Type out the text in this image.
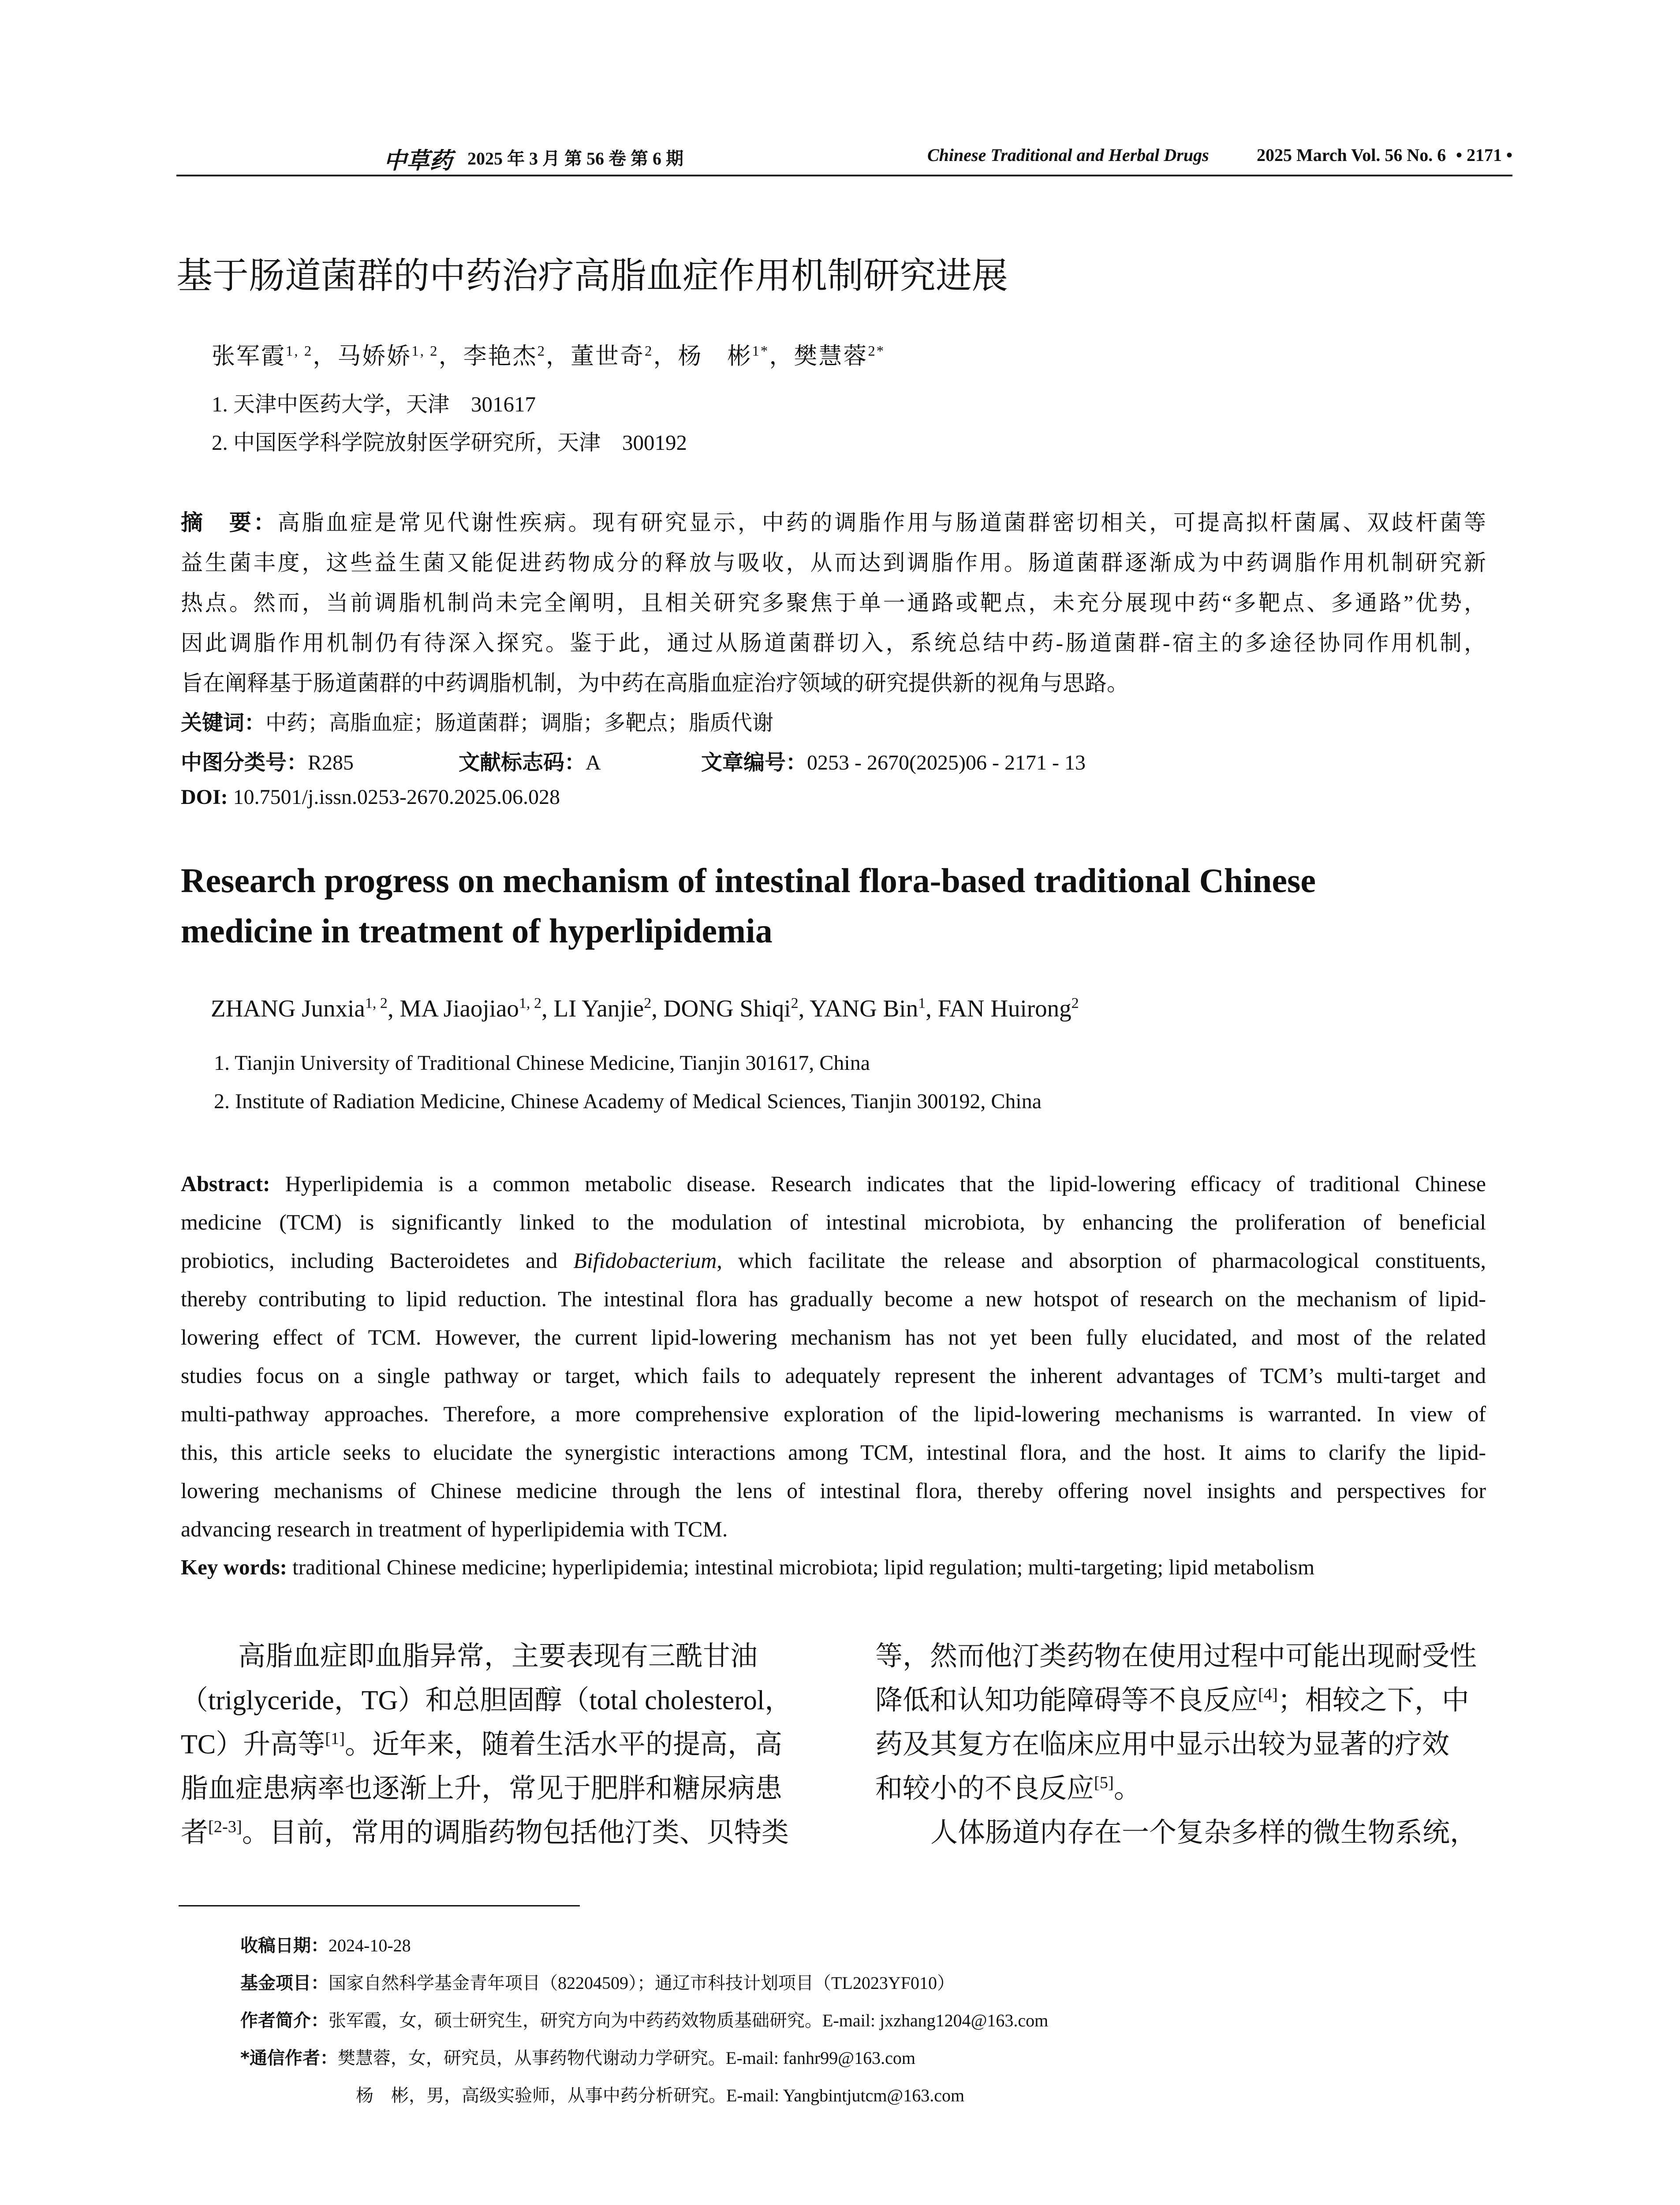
中草药 2025 年 3 月 第 56 卷 第 6 期	Chinese Traditional and Herbal Drugs	2025 March Vol. 56 No. 6 • 2171 •
基于肠道菌群的中药治疗高脂血症作用机制研究进展
张军霞$^{1, 2}$，马娇娇$^{1, 2}$，李艳杰$^2$，董世奇$^2$，杨　彬$^{1*}$，樊慧蓉$^{2*}$
1. 天津中医药大学，天津　301617
2. 中国医学科学院放射医学研究所，天津　300192
摘　要：高脂血症是常见代谢性疾病。现有研究显示，中药的调脂作用与肠道菌群密切相关，可提高拟杆菌属、双歧杆菌等
益生菌丰度，这些益生菌又能促进药物成分的释放与吸收，从而达到调脂作用。肠道菌群逐渐成为中药调脂作用机制研究新
热点。然而，当前调脂机制尚未完全阐明，且相关研究多聚焦于单一通路或靶点，未充分展现中药“多靶点、多通路”优势，
因此调脂作用机制仍有待深入探究。鉴于此，通过从肠道菌群切入，系统总结中药-肠道菌群-宿主的多途径协同作用机制，
旨在阐释基于肠道菌群的中药调脂机制，为中药在高脂血症治疗领域的研究提供新的视角与思路。
关键词：中药；高脂血症；肠道菌群；调脂；多靶点；脂质代谢
中图分类号：R285	文献标志码：A	文章编号：0253 - 2670(2025)06 - 2171 - 13
DOI: 10.7501/j.issn.0253-2670.2025.06.028
Research progress on mechanism of intestinal flora-based traditional Chinese
medicine in treatment of hyperlipidemia
ZHANG Junxia$^{1, 2}$, MA Jiaojiao$^{1, 2}$, LI Yanjie$^2$, DONG Shiqi$^2$, YANG Bin$^1$, FAN Huirong$^2$
1. Tianjin University of Traditional Chinese Medicine, Tianjin 301617, China
2. Institute of Radiation Medicine, Chinese Academy of Medical Sciences, Tianjin 300192, China
Abstract: Hyperlipidemia is a common metabolic disease. Research indicates that the lipid-lowering efficacy of traditional Chinese
medicine (TCM) is significantly linked to the modulation of intestinal microbiota, by enhancing the proliferation of beneficial
probiotics, including Bacteroidetes and Bifidobacterium, which facilitate the release and absorption of pharmacological constituents,
thereby contributing to lipid reduction. The intestinal flora has gradually become a new hotspot of research on the mechanism of lipid-
lowering effect of TCM. However, the current lipid-lowering mechanism has not yet been fully elucidated, and most of the related
studies focus on a single pathway or target, which fails to adequately represent the inherent advantages of TCM’s multi-target and
multi-pathway approaches. Therefore, a more comprehensive exploration of the lipid-lowering mechanisms is warranted. In view of
this, this article seeks to elucidate the synergistic interactions among TCM, intestinal flora, and the host. It aims to clarify the lipid-
lowering mechanisms of Chinese medicine through the lens of intestinal flora, thereby offering novel insights and perspectives for
advancing research in treatment of hyperlipidemia with TCM.
Key words: traditional Chinese medicine; hyperlipidemia; intestinal microbiota; lipid regulation; multi-targeting; lipid metabolism
高脂血症即血脂异常，主要表现有三酰甘油
（triglyceride，TG）和总胆固醇（total cholesterol，
TC）升高等[1]。近年来，随着生活水平的提高，高
脂血症患病率也逐渐上升，常见于肥胖和糖尿病患
者[2-3]。目前，常用的调脂药物包括他汀类、贝特类
等，然而他汀类药物在使用过程中可能出现耐受性
降低和认知功能障碍等不良反应[4]；相较之下，中
药及其复方在临床应用中显示出较为显著的疗效
和较小的不良反应[5]。
人体肠道内存在一个复杂多样的微生物系统，
收稿日期：2024-10-28
基金项目：国家自然科学基金青年项目（82204509）；通辽市科技计划项目（TL2023YF010）
作者简介：张军霞，女，硕士研究生，研究方向为中药药效物质基础研究。E-mail: jxzhang1204@163.com
*通信作者：樊慧蓉，女，研究员，从事药物代谢动力学研究。E-mail: fanhr99@163.com
杨　彬，男，高级实验师，从事中药分析研究。E-mail: Yangbintjutcm@163.com
